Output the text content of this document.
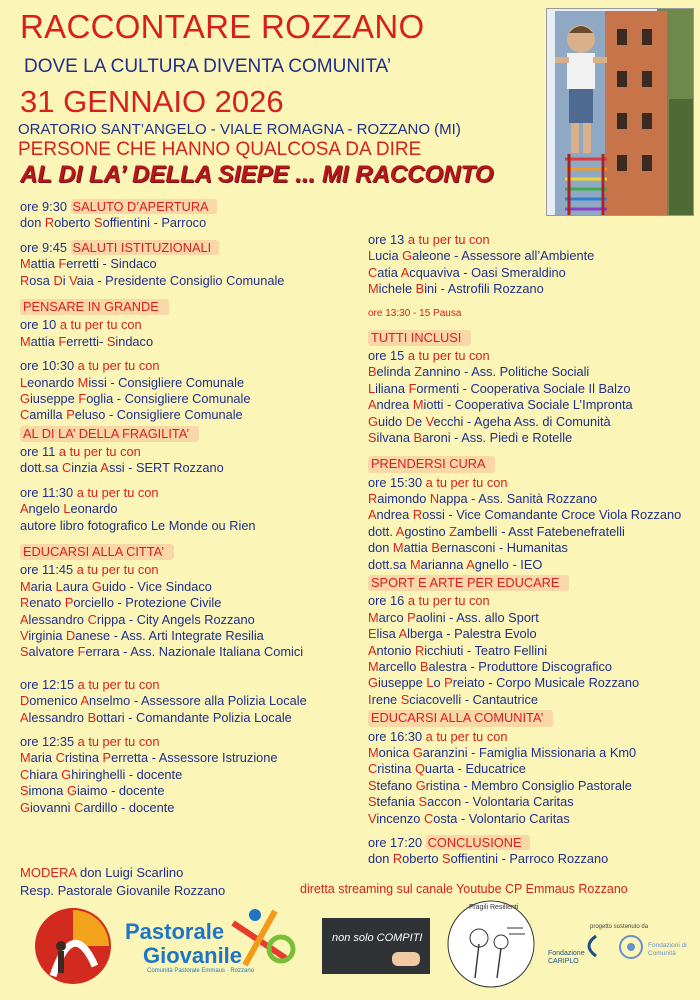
RACCONTARE ROZZANO
DOVE LA CULTURA DIVENTA COMUNITA’
31 GENNAIO 2026
ORATORIO SANT’ANGELO - VIALE ROMAGNA - ROZZANO (MI)
PERSONE CHE HANNO QUALCOSA DA DIRE
AL DI LA’ DELLA SIEPE ... MI RACCONTO
ore 9:30 SALUTO D’APERTURA
don Roberto Soffientini - Parroco
ore 9:45 SALUTI ISTITUZIONALI
Mattia Ferretti - Sindaco
Rosa Di Vaia - Presidente Consiglio Comunale
PENSARE IN GRANDE
ore 10 a tu per tu con
Mattia Ferretti- Sindaco
ore 10:30 a tu per tu con
Leonardo Missi - Consigliere Comunale
Giuseppe Foglia - Consigliere Comunale
Camilla Peluso - Consigliere Comunale
AL DI LA’ DELLA FRAGILITA’
ore 11 a tu per tu con
dott.sa Cinzia Assi - SERT Rozzano
ore 11:30 a tu per tu con
Angelo Leonardo
autore libro fotografico Le Monde ou Rien
EDUCARSI ALLA CITTA’
ore 11:45 a tu per tu con
Maria Laura Guido - Vice Sindaco
Renato Porciello - Protezione Civile
Alessandro Crippa - City Angels Rozzano
Virginia Danese - Ass. Arti Integrate Resilia
Salvatore Ferrara - Ass. Nazionale Italiana Comici
ore 12:15 a tu per tu con
Domenico Anselmo - Assessore alla Polizia Locale
Alessandro Bottari - Comandante Polizia Locale
ore 12:35 a tu per tu con
Maria Cristina Perretta - Assessore Istruzione
Chiara Ghiringhelli - docente
Simona Giaimo - docente
Giovanni Cardillo - docente
ore 13 a tu per tu con
Lucia Galeone - Assessore all’Ambiente
Catia Acquaviva - Oasi Smeraldino
Michele Bini - Astrofili Rozzano
ore 13:30 - 15 Pausa
TUTTI INCLUSI
ore 15 a tu per tu con
Belinda Zannino - Ass. Politiche Sociali
Liliana Formenti - Cooperativa Sociale Il Balzo
Andrea Miotti - Cooperativa Sociale L’Impronta
Guido De Vecchi - Ageha Ass. di Comunità
Silvana Baroni - Ass. Piedi e Rotelle
PRENDERSI CURA
ore 15:30 a tu per tu con
Raimondo Nappa - Ass. Sanità Rozzano
Andrea Rossi - Vice Comandante Croce Viola Rozzano
dott. Agostino Zambelli - Asst Fatebenefratelli
don Mattia Bernasconi - Humanitas
dott.sa Marianna Agnello - IEO
SPORT E ARTE PER EDUCARE
ore 16 a tu per tu con
Marco Paolini - Ass. allo Sport
Elisa Alberga - Palestra Evolo
Antonio Ricchiuti - Teatro Fellini
Marcello Balestra - Produttore Discografico
Giuseppe Lo Preiato - Corpo Musicale Rozzano
Irene Sciacovelli - Cantautrice
EDUCARSI ALLA COMUNITA’
ore 16:30 a tu per tu con
Monica Garanzini - Famiglia Missionaria a Km0
Cristina Quarta - Educatrice
Stefano Gristina - Membro Consiglio Pastorale
Stefania Saccon - Volontaria Caritas
Vincenzo Costa - Volontario Caritas
ore 17:20 CONCLUSIONE
don Roberto Soffientini - Parroco Rozzano
MODERA don Luigi Scarlino
Resp. Pastorale Giovanile Rozzano	diretta streaming sul canale Youtube CP Emmaus Rozzano
Pastorale
Giovanile
Comunità Pastorale Emmaus · Rozzano
non solo COMPITI
Fragili Resilienti
progetto sostenuto da
Fondazione CARIPLO
Fondazioni di Comunità
